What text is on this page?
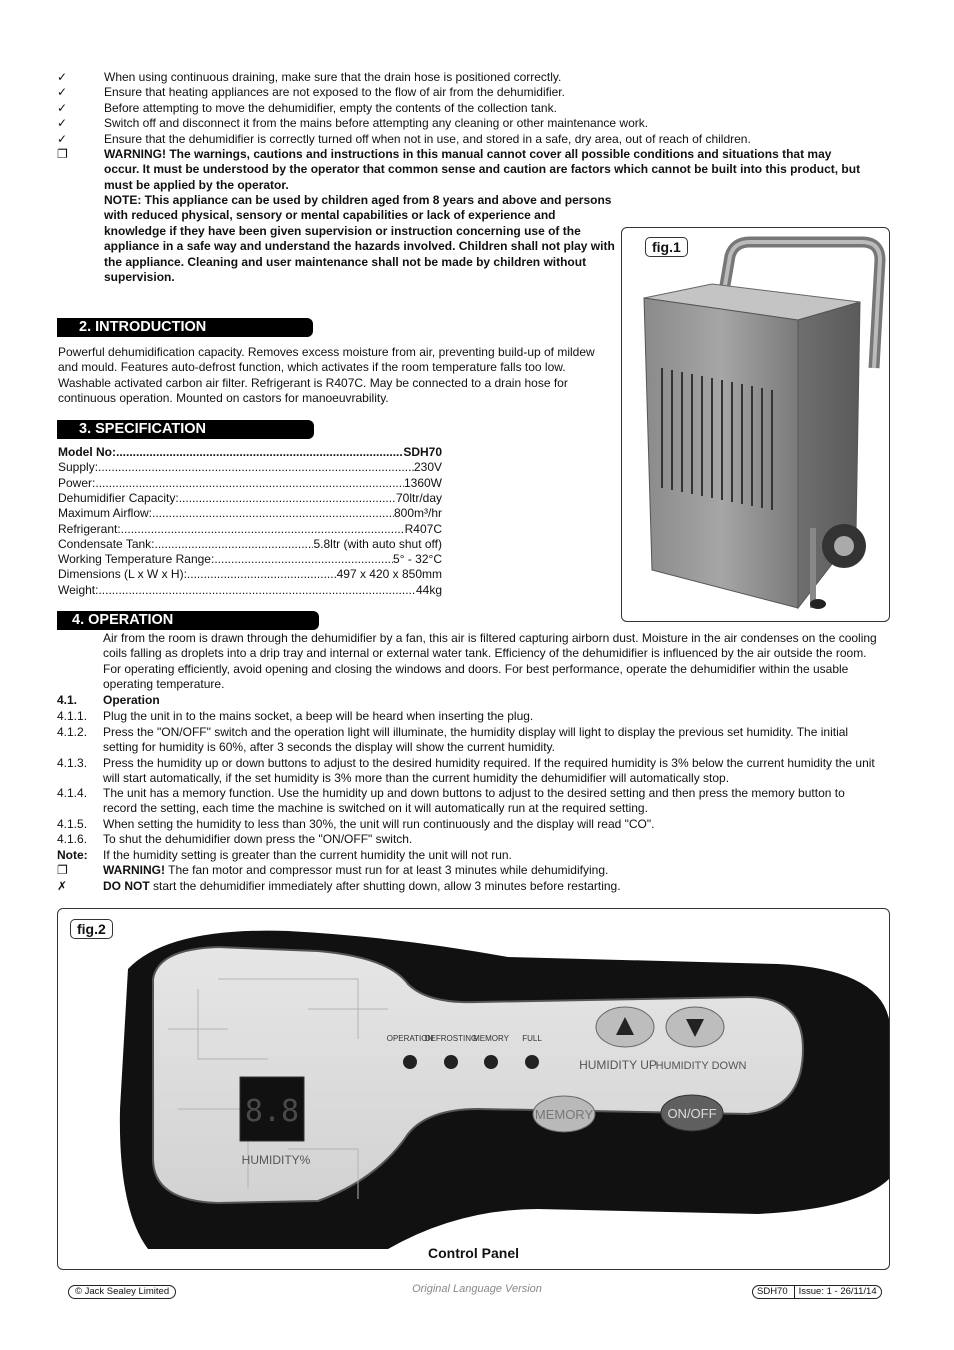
✓	When using continuous draining, make sure that the drain hose is positioned correctly.
✓	Ensure that heating appliances are not exposed to the flow of air from the dehumidifier.
✓	Before attempting to move the dehumidifier, empty the contents of the collection tank.
✓	Switch off and disconnect it from the mains before attempting any cleaning or other maintenance work.
✓	Ensure that the dehumidifier is correctly turned off when not in use, and stored in a safe, dry area, out of reach of children.
❐	WARNING! The warnings, cautions and instructions in this manual cannot cover all possible conditions and situations that may occur. It must be understood by the operator that common sense and caution are factors which cannot be built into this product, but must be applied by the operator.
NOTE: This appliance can be used by children aged from 8 years and above and persons with reduced physical, sensory or mental capabilities or lack of experience and knowledge if they have been given supervision or instruction concerning use of the appliance in a safe way and understand the hazards involved. Children shall not play with the appliance. Cleaning and user maintenance shall not be made by children without supervision.
2. INTRODUCTION
Powerful dehumidification capacity. Removes excess moisture from air, preventing build-up of mildew and mould. Features auto-defrost function, which activates if the room temperature falls too low. Washable activated carbon air filter. Refrigerant is R407C. May be connected to a drain hose for continuous operation. Mounted on castors for manoeuvrability.
3. SPECIFICATION
Model No: .....	SDH70
Supply: .....	230V
Power: .....	1360W
Dehumidifier Capacity: .....	70ltr/day
Maximum Airflow: .....	800m³/hr
Refrigerant: .....	R407C
Condensate Tank: .....	5.8ltr (with auto shut off)
Working Temperature Range: .....	5° - 32°C
Dimensions (L x W x H): .....	497 x 420 x 850mm
Weight: .....	44kg
4. OPERATION
Air from the room is drawn through the dehumidifier by a fan, this air is filtered capturing airborn dust. Moisture in the air condenses on the cooling coils falling as droplets into a drip tray and internal or external water tank. Efficiency of the dehumidifier is influenced by the air outside the room. For operating efficiently, avoid opening and closing the windows and doors. For best performance, operate the dehumidifier within the usable operating temperature.
4.1. Operation
4.1.1. Plug the unit in to the mains socket, a beep will be heard when inserting the plug.
4.1.2. Press the "ON/OFF" switch and the operation light will illuminate, the humidity display will light to display the previous set humidity. The initial setting for humidity is 60%, after 3 seconds the display will show the current humidity.
4.1.3. Press the humidity up or down buttons to adjust to the desired humidity required. If the required humidity is 3% below the current humidity the unit will start automatically, if the set humidity is 3% more than the current humidity the dehumidifier will automatically stop.
4.1.4. The unit has a memory function. Use the humidity up and down buttons to adjust to the desired setting and then press the memory button to record the setting, each time the machine is switched on it will automatically run at the required setting.
4.1.5. When setting the humidity to less than 30%, the unit will run continuously and the display will read "CO".
4.1.6. To shut the dehumidifier down press the "ON/OFF" switch.
Note: If the humidity setting is greater than the current humidity the unit will not run.
❐	WARNING! The fan motor and compressor must run for at least 3 minutes while dehumidifying.
✗	DO NOT start the dehumidifier immediately after shutting down, allow 3 minutes before restarting.
fig.1
fig.2
8.8
HUMIDITY%
OPERATION
DEFROSTING
MEMORY FULL
HUMIDITY UP
HUMIDITY DOWN
MEMORY	ON/OFF
Control Panel
© Jack Sealey Limited	Original Language Version	SDH70	Issue: 1 - 26/11/14
